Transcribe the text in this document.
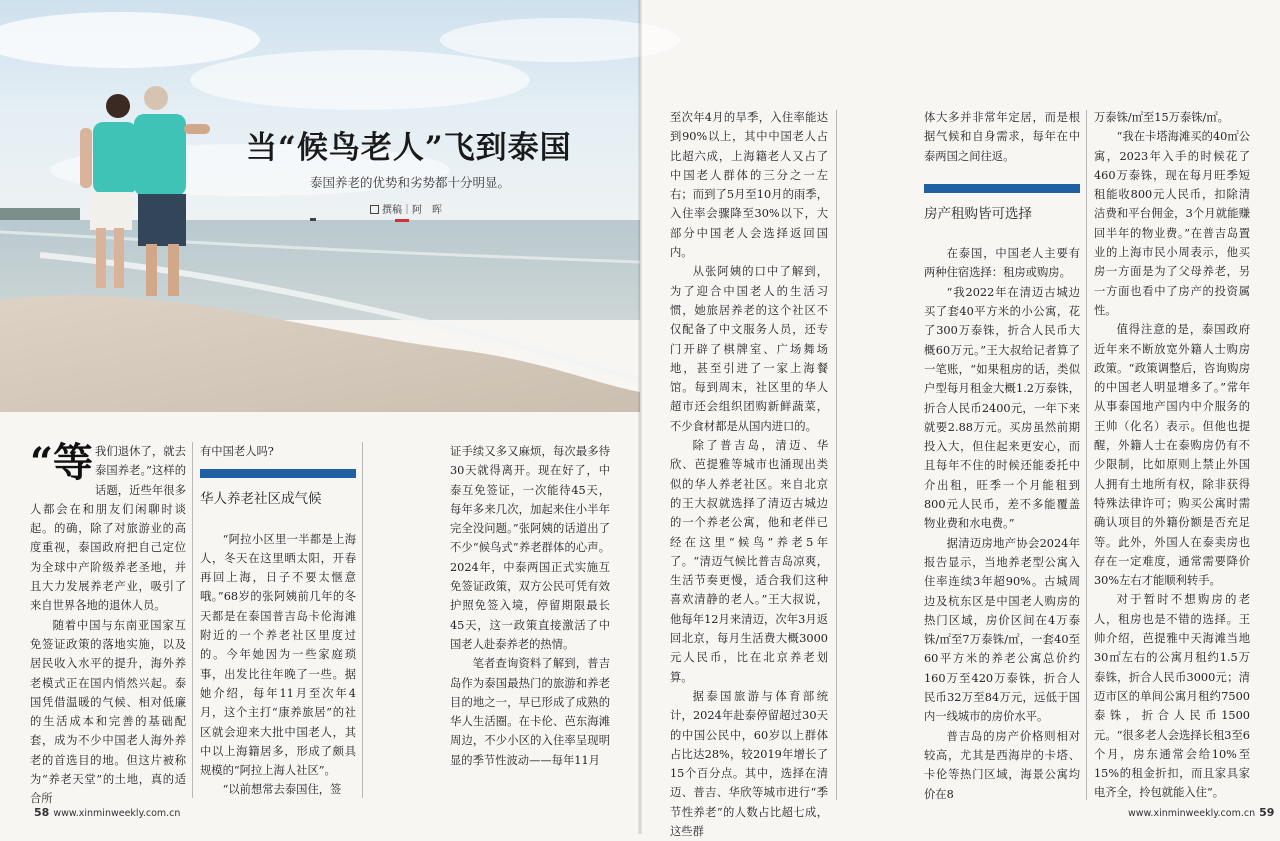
当“候鸟老人”飞到泰国
泰国养老的优势和劣势都十分明显。
撰稿｜阿　晖
“等 我们退休了，就去泰国养老。”这样的话题，近些年很多人都会在和朋友们闲聊时谈起。的确，除了对旅游业的高度重视，泰国政府把自己定位为全球中产阶级养老圣地，并且大力发展养老产业，吸引了来自世界各地的退休人员。

随着中国与东南亚国家互免签证政策的落地实施，以及居民收入水平的提升，海外养老模式正在国内悄然兴起。泰国凭借温暖的气候、相对低廉的生活成本和完善的基础配套，成为不少中国老人海外养老的首选目的地。但这片被称为“养老天堂”的土地，真的适合所

有中国老人吗?

华人养老社区成气候

“阿拉小区里一半都是上海人，冬天在这里晒太阳，开春再回上海，日子不要太惬意哦。”68岁的张阿姨前几年的冬天都是在泰国普吉岛卡伦海滩附近的一个养老社区里度过的。今年她因为一些家庭琐事，出发比往年晚了一些。据她介绍，每年11月至次年4月，这个主打“康养旅居”的社区就会迎来大批中国老人，其中以上海籍居多，形成了颇具规模的“阿拉上海人社区”。

“以前想常去泰国住，签

证手续又多又麻烦，每次最多待30天就得离开。现在好了，中泰互免签证，一次能待45天，每年多来几次，加起来住小半年完全没问题。”张阿姨的话道出了不少“候鸟式”养老群体的心声。2024年，中泰两国正式实施互免签证政策，双方公民可凭有效护照免签入境，停留期限最长45天，这一政策直接激活了中国老人赴泰养老的热情。

笔者查询资料了解到，普吉岛作为泰国最热门的旅游和养老目的地之一，早已形成了成熟的华人生活圈。在卡伦、芭东海滩周边，不少小区的入住率呈现明显的季节性波动——每年11月

至次年4月的旱季，入住率能达到90%以上，其中中国老人占比超六成，上海籍老人又占了中国老人群体的三分之一左右；而到了5月至10月的雨季，入住率会骤降至30%以下，大部分中国老人会选择返回国内。

从张阿姨的口中了解到，为了迎合中国老人的生活习惯，她旅居养老的这个社区不仅配备了中文服务人员，还专门开辟了棋牌室、广场舞场地，甚至引进了一家上海餐馆。每到周末，社区里的华人超市还会组织团购新鲜蔬菜，不少食材都是从国内进口的。

除了普吉岛，清迈、华欣、芭提雅等城市也涌现出类似的华人养老社区。来自北京的王大叔就选择了清迈古城边的一个养老公寓，他和老伴已经在这里“候鸟”养老5年了。“清迈气候比普吉岛凉爽，生活节奏更慢，适合我们这种喜欢清静的老人。”王大叔说，他每年12月来清迈，次年3月返回北京，每月生活费大概3000元人民币，比在北京养老划算。

据泰国旅游与体育部统计，2024年赴泰停留超过30天的中国公民中，60岁以上群体占比达28%，较2019年增长了15个百分点。其中，选择在清迈、普吉、华欣等城市进行“季节性养老”的人数占比超七成，这些群

体大多并非常年定居，而是根据气候和自身需求，每年在中泰两国之间往返。

房产租购皆可选择

在泰国，中国老人主要有两种住宿选择：租房或购房。

“我2022年在清迈古城边买了套40平方米的小公寓，花了300万泰铢，折合人民币大概60万元。”王大叔给记者算了一笔账，“如果租房的话，类似户型每月租金大概1.2万泰铢，折合人民币2400元，一年下来就要2.88万元。买房虽然前期投入大，但住起来更安心，而且每年不住的时候还能委托中介出租，旺季一个月能租到800元人民币，差不多能覆盖物业费和水电费。”

据清迈房地产协会2024年报告显示，当地养老型公寓入住率连续3年超90%。古城周边及杭东区是中国老人购房的热门区域，房价区间在4万泰铢/㎡至7万泰铢/㎡，一套40至60平方米的养老公寓总价约160万至420万泰铢，折合人民币32万至84万元，远低于国内一线城市的房价水平。

普吉岛的房产价格则相对较高，尤其是西海岸的卡塔、卡伦等热门区域，海景公寓均价在8

万泰铢/㎡至15万泰铢/㎡。

“我在卡塔海滩买的40㎡公寓，2023年入手的时候花了460万泰铢，现在每月旺季短租能收800元人民币，扣除清洁费和平台佣金，3个月就能赚回半年的物业费。”在普吉岛置业的上海市民小周表示，他买房一方面是为了父母养老，另一方面也看中了房产的投资属性。

值得注意的是，泰国政府近年来不断放宽外籍人士购房政策。“政策调整后，咨询购房的中国老人明显增多了。”常年从事泰国地产国内中介服务的王帅（化名）表示。但他也提醒，外籍人士在泰购房仍有不少限制，比如原则上禁止外国人拥有土地所有权，除非获得特殊法律许可；购买公寓时需确认项目的外籍份额是否充足等。此外，外国人在泰卖房也存在一定难度，通常需要降价30%左右才能顺利转手。

对于暂时不想购房的老人，租房也是不错的选择。王帅介绍，芭提雅中天海滩当地30㎡左右的公寓月租约1.5万泰铢，折合人民币3000元；清迈市区的单间公寓月租约7500泰铢，折合人民币1500元。“很多老人会选择长租3至6个月，房东通常会给10%至15%的租金折扣，而且家具家电齐全，拎包就能入住”。

58 www.xinminweekly.com.cn	www.xinminweekly.com.cn 59
